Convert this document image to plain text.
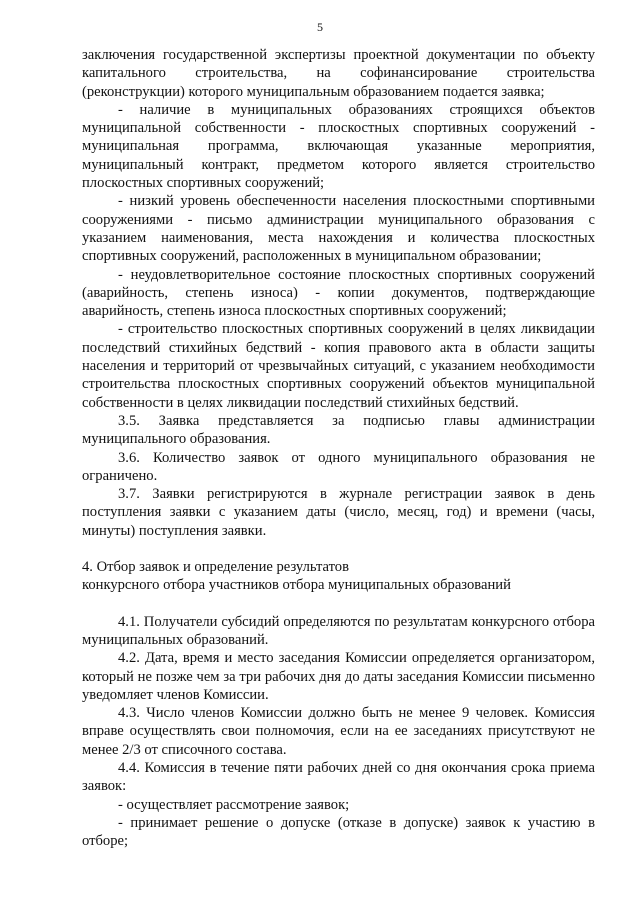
5

заключения государственной экспертизы проектной документации по объекту капитального строительства, на софинансирование строительства (реконструкции) которого муниципальным образованием подается заявка;

- наличие в муниципальных образованиях строящихся объектов муниципальной собственности - плоскостных спортивных сооружений - муниципальная программа, включающая указанные мероприятия, муниципальный контракт, предметом которого является строительство плоскостных спортивных сооружений;

- низкий уровень обеспеченности населения плоскостными спортивными сооружениями - письмо администрации муниципального образования с указанием наименования, места нахождения и количества плоскостных спортивных сооружений, расположенных в муниципальном образовании;

- неудовлетворительное состояние плоскостных спортивных сооружений (аварийность, степень износа) - копии документов, подтверждающие аварийность, степень износа плоскостных спортивных сооружений;

- строительство плоскостных спортивных сооружений в целях ликвидации последствий стихийных бедствий - копия правового акта в области защиты населения и территорий от чрезвычайных ситуаций, с указанием необходимости строительства плоскостных спортивных сооружений объектов муниципальной собственности в целях ликвидации последствий стихийных бедствий.

3.5. Заявка представляется за подписью главы администрации муниципального образования.

3.6. Количество заявок от одного муниципального образования не ограничено.

3.7. Заявки регистрируются в журнале регистрации заявок в день поступления заявки с указанием даты (число, месяц, год) и времени (часы, минуты) поступления заявки.

4. Отбор заявок и определение результатов
конкурсного отбора участников отбора муниципальных образований

4.1. Получатели субсидий определяются по результатам конкурсного отбора муниципальных образований.

4.2. Дата, время и место заседания Комиссии определяется организатором, который не позже чем за три рабочих дня до даты заседания Комиссии письменно уведомляет членов Комиссии.

4.3. Число членов Комиссии должно быть не менее 9 человек. Комиссия вправе осуществлять свои полномочия, если на ее заседаниях присутствуют не менее 2/3 от списочного состава.

4.4. Комиссия в течение пяти рабочих дней со дня окончания срока приема заявок:

- осуществляет рассмотрение заявок;

- принимает решение о допуске (отказе в допуске) заявок к участию в отборе;
